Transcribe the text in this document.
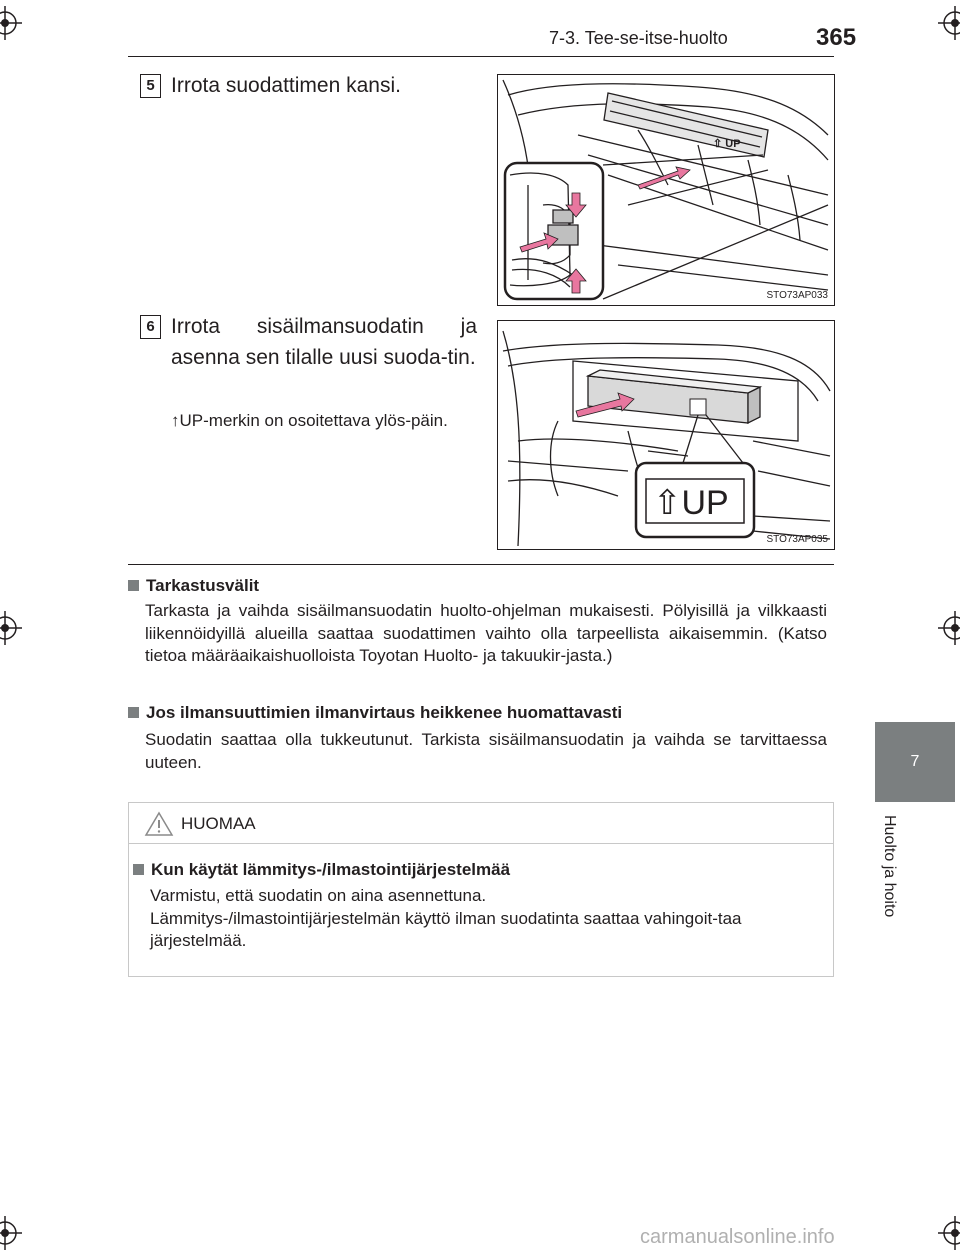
7-3. Tee-se-itse-huolto	365
7
Huolto ja hoito
5 Irrota suodattimen kansi.
⇧ UP
STO73AP033
6 Irrota sisäilmansuodatin ja asenna sen tilalle uusi suoda-tin.
↑UP-merkin on osoitettava ylös-päin.
⇧UP
STO73AP035
Tarkastusvälit
Tarkasta ja vaihda sisäilmansuodatin huolto-ohjelman mukaisesti. Pölyisillä ja vilkkaasti liikennöidyillä alueilla saattaa suodattimen vaihto olla tarpeellista aikaisemmin. (Katso tietoa määräaikaishuolloista Toyotan Huolto- ja takuukir-jasta.)
Jos ilmansuuttimien ilmanvirtaus heikkenee huomattavasti
Suodatin saattaa olla tukkeutunut. Tarkista sisäilmansuodatin ja vaihda se tarvittaessa uuteen.
HUOMAA
Kun käytät lämmitys-/ilmastointijärjestelmää

Varmistu, että suodatin on aina asennettuna.

Lämmitys-/ilmastointijärjestelmän käyttö ilman suodatinta saattaa vahingoit-taa järjestelmää.

carmanualsonline.info
